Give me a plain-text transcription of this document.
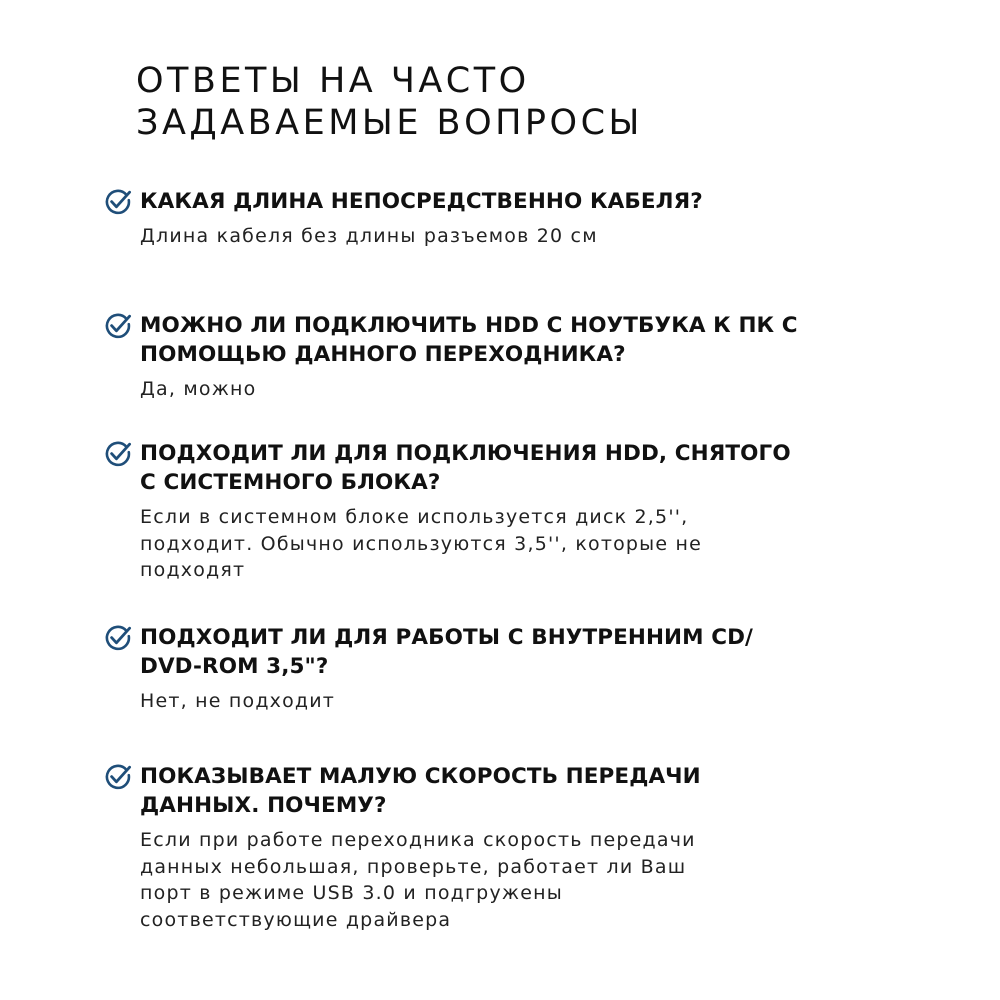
ОТВЕТЫ НА ЧАСТО
ЗАДАВАЕМЫЕ ВОПРОСЫ
КАКАЯ ДЛИНА НЕПОСРЕДСТВЕННО КАБЕЛЯ?
Длина кабеля без длины разъемов 20 см
МОЖНО ЛИ ПОДКЛЮЧИТЬ HDD С НОУТБУКА К ПК С
ПОМОЩЬЮ ДАННОГО ПЕРЕХОДНИКА?
Да, можно
ПОДХОДИТ ЛИ ДЛЯ ПОДКЛЮЧЕНИЯ HDD, СНЯТОГО
С СИСТЕМНОГО БЛОКА?
Если в системном блоке используется диск 2,5'',
подходит. Обычно используются 3,5'', которые не
подходят
ПОДХОДИТ ЛИ ДЛЯ РАБОТЫ С ВНУТРЕННИМ CD/
DVD-ROM 3,5"?
Нет, не подходит
ПОКАЗЫВАЕТ МАЛУЮ СКОРОСТЬ ПЕРЕДАЧИ
ДАННЫХ. ПОЧЕМУ?
Если при работе переходника скорость передачи
данных небольшая, проверьте, работает ли Ваш
порт в режиме USB 3.0 и подгружены
соответствующие драйвера
